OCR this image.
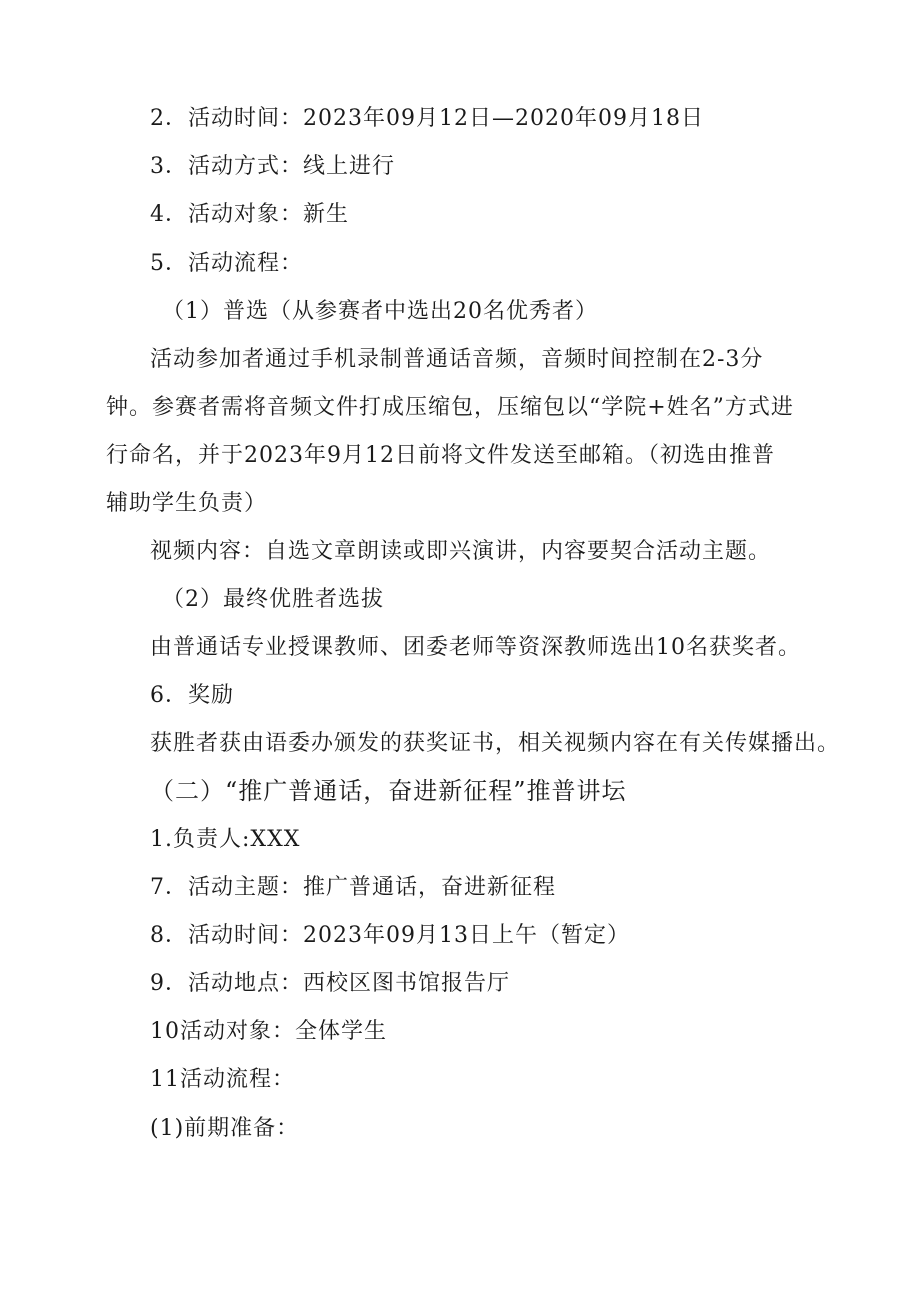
2．活动时间：2023年09月12日—2020年09月18日
3．活动方式：线上进行
4．活动对象：新生
5．活动流程：
（1）普选（从参赛者中选出20名优秀者）
活动参加者通过手机录制普通话音频，音频时间控制在2-3分
钟。参赛者需将音频文件打成压缩包，压缩包以“学院+姓名”方式进
行命名，并于2023年9月12日前将文件发送至邮箱。（初选由推普
辅助学生负责）
视频内容：自选文章朗读或即兴演讲，内容要契合活动主题。
（2）最终优胜者选拔
由普通话专业授课教师、团委老师等资深教师选出10名获奖者。
6．奖励
获胜者获由语委办颁发的获奖证书，相关视频内容在有关传媒播出。
（二）“推广普通话，奋进新征程”推普讲坛
1.负责人:XXX
7．活动主题：推广普通话，奋进新征程
8．活动时间：2023年09月13日上午（暂定）
9．活动地点：西校区图书馆报告厅
10活动对象：全体学生
11活动流程：
(1)前期准备：
